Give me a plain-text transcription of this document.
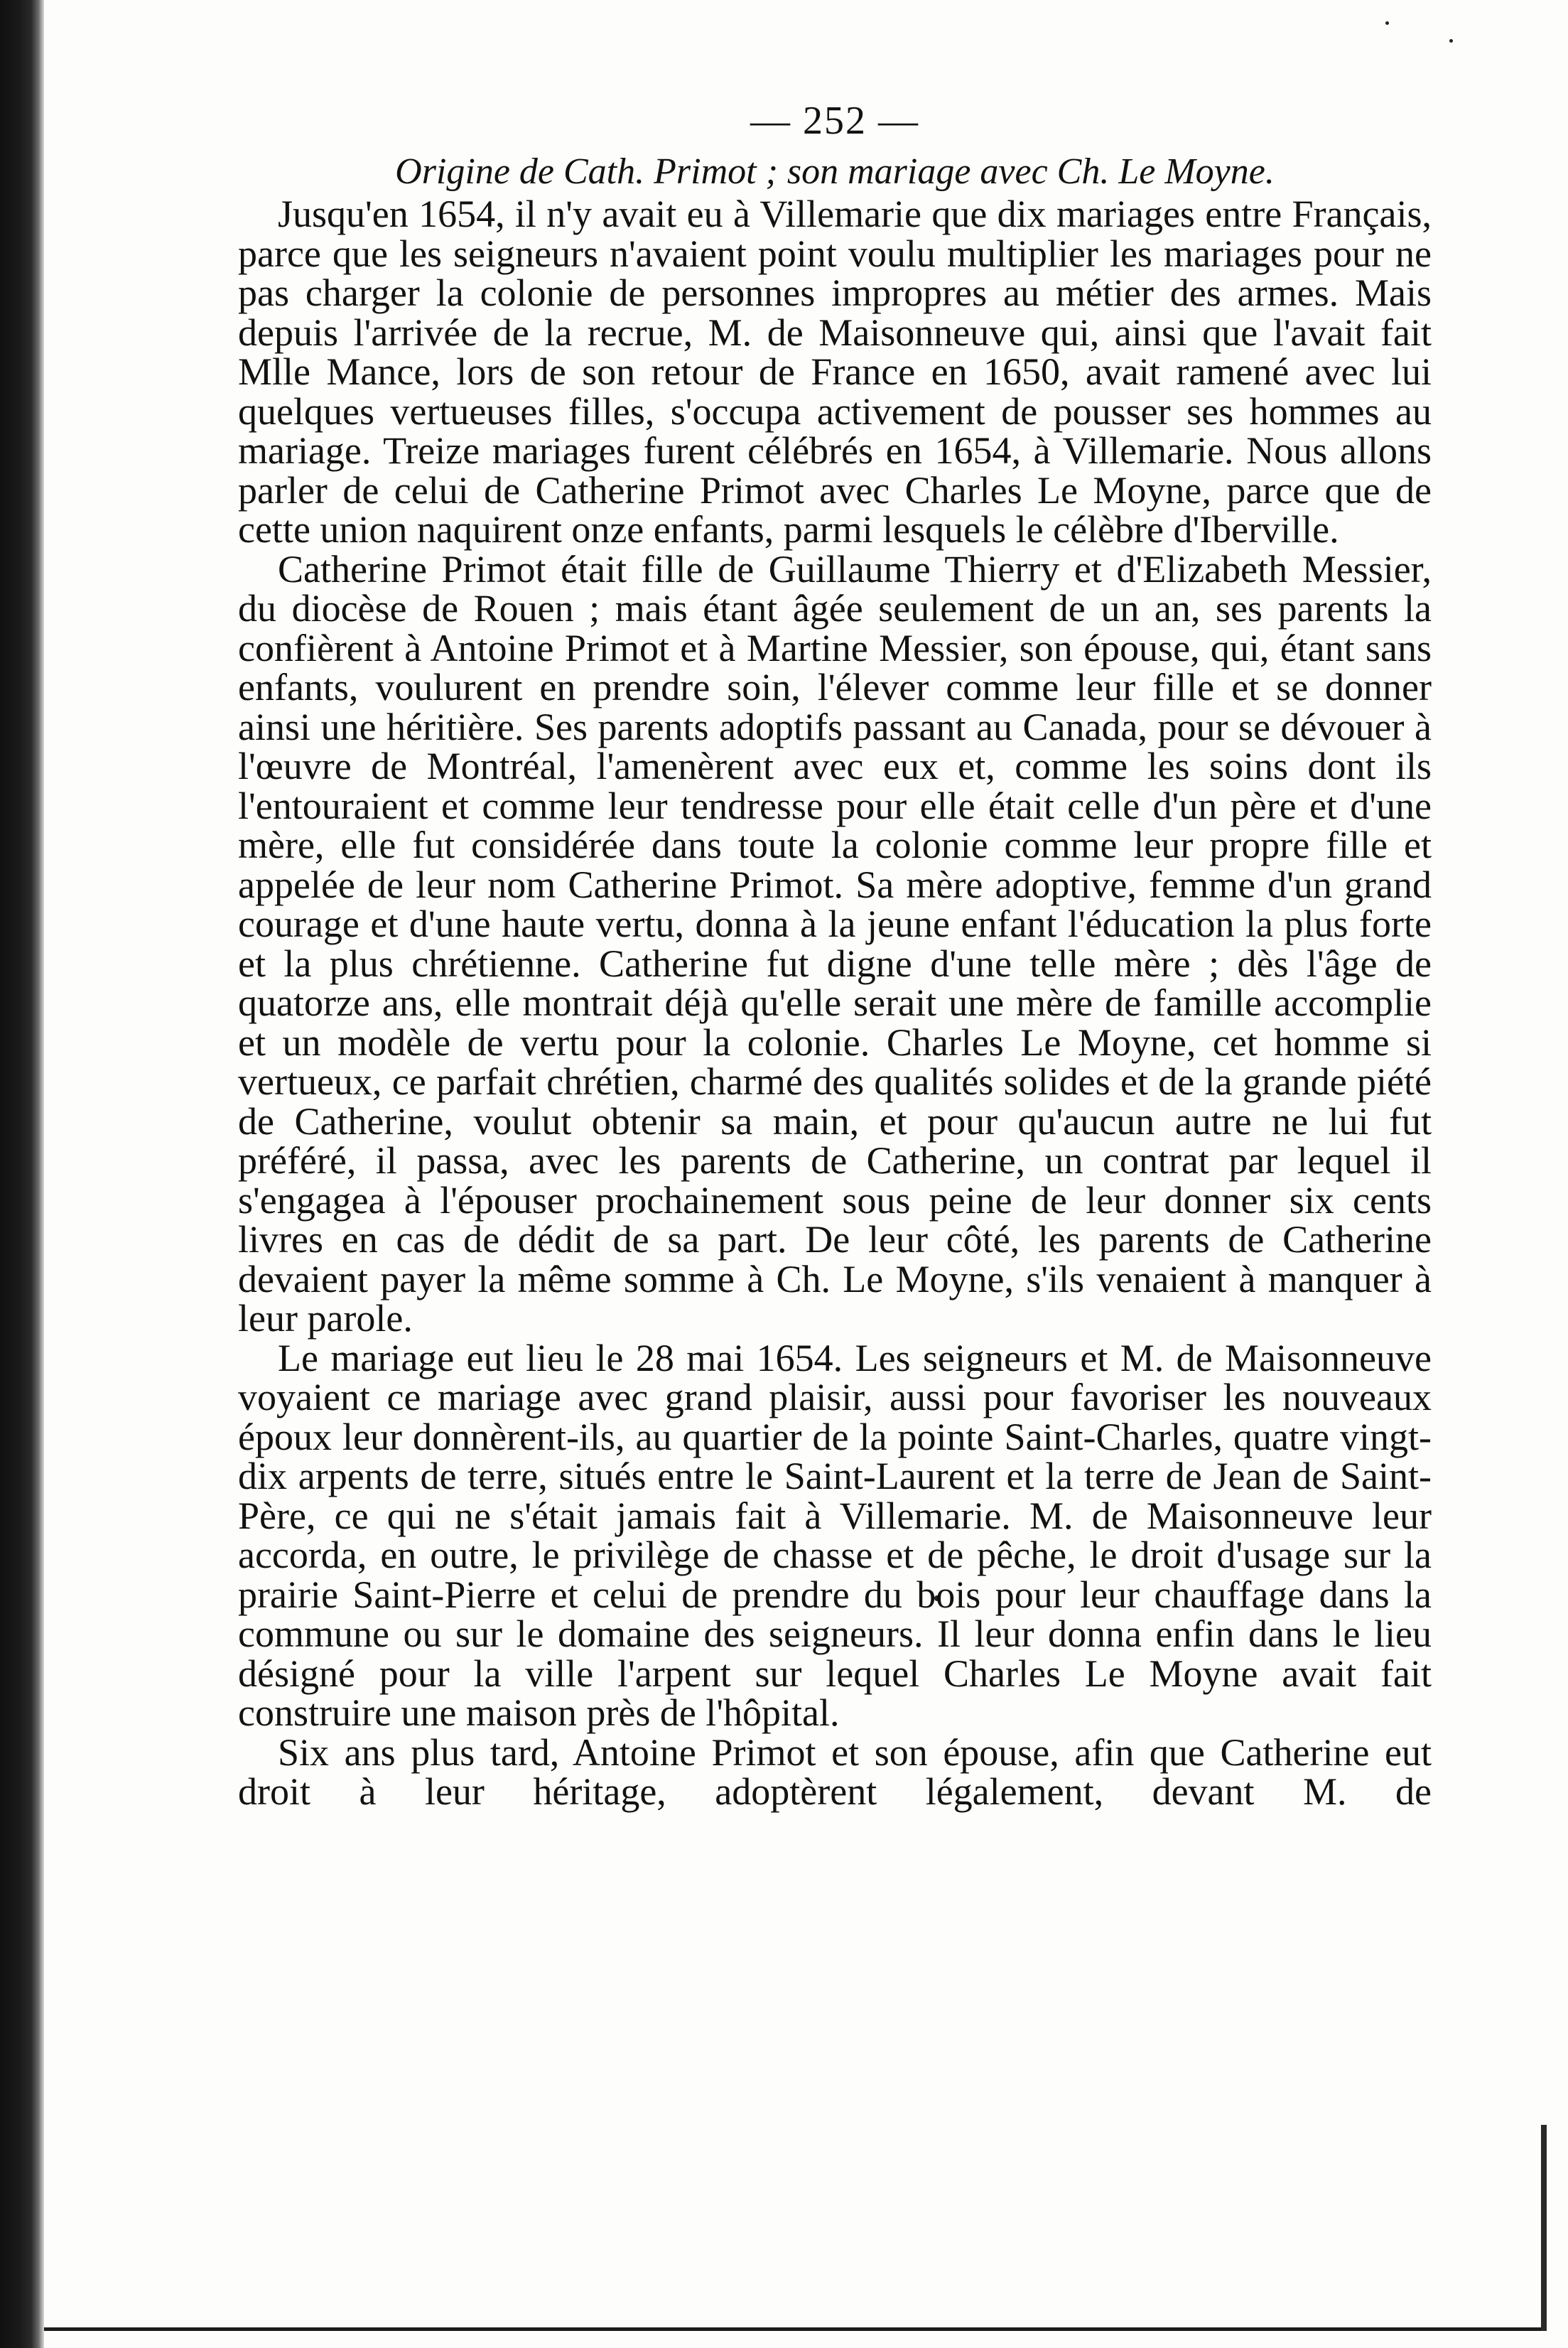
— 252 —

Origine de Cath. Primot ; son mariage avec Ch. Le Moyne.

Jusqu'en 1654, il n'y avait eu à Villemarie que dix mariages entre Français, parce que les seigneurs n'avaient point voulu multiplier les mariages pour ne pas charger la colonie de personnes impropres au métier des armes. Mais depuis l'arrivée de la recrue, M. de Maisonneuve qui, ainsi que l'avait fait Mlle Mance, lors de son retour de France en 1650, avait ramené avec lui quelques vertueuses filles, s'occupa activement de pousser ses hommes au mariage. Treize mariages furent célébrés en 1654, à Villemarie. Nous allons parler de celui de Catherine Primot avec Charles Le Moyne, parce que de cette union naquirent onze enfants, parmi lesquels le célèbre d'Iberville.

Catherine Primot était fille de Guillaume Thierry et d'Elizabeth Messier, du diocèse de Rouen ; mais étant âgée seulement de un an, ses parents la confièrent à Antoine Primot et à Martine Messier, son épouse, qui, étant sans enfants, voulurent en prendre soin, l'élever comme leur fille et se donner ainsi une héritière. Ses parents adoptifs passant au Canada, pour se dévouer à l'œuvre de Montréal, l'amenèrent avec eux et, comme les soins dont ils l'entouraient et comme leur tendresse pour elle était celle d'un père et d'une mère, elle fut considérée dans toute la colonie comme leur propre fille et appelée de leur nom Catherine Primot. Sa mère adoptive, femme d'un grand courage et d'une haute vertu, donna à la jeune enfant l'éducation la plus forte et la plus chrétienne. Catherine fut digne d'une telle mère ; dès l'âge de quatorze ans, elle montrait déjà qu'elle serait une mère de famille accomplie et un modèle de vertu pour la colonie. Charles Le Moyne, cet homme si vertueux, ce parfait chrétien, charmé des qualités solides et de la grande piété de Catherine, voulut obtenir sa main, et pour qu'aucun autre ne lui fut préféré, il passa, avec les parents de Catherine, un contrat par lequel il s'engagea à l'épouser prochainement sous peine de leur donner six cents livres en cas de dédit de sa part. De leur côté, les parents de Catherine devaient payer la même somme à Ch. Le Moyne, s'ils venaient à manquer à leur parole.

Le mariage eut lieu le 28 mai 1654. Les seigneurs et M. de Maisonneuve voyaient ce mariage avec grand plaisir, aussi pour favoriser les nouveaux époux leur donnèrent-ils, au quartier de la pointe Saint-Charles, quatre vingt-dix arpents de terre, situés entre le Saint-Laurent et la terre de Jean de Saint-Père, ce qui ne s'était jamais fait à Villemarie. M. de Maisonneuve leur accorda, en outre, le privilège de chasse et de pêche, le droit d'usage sur la prairie Saint-Pierre et celui de prendre du bois pour leur chauffage dans la commune ou sur le domaine des seigneurs. Il leur donna enfin dans le lieu désigné pour la ville l'arpent sur lequel Charles Le Moyne avait fait construire une maison près de l'hôpital.

Six ans plus tard, Antoine Primot et son épouse, afin que Catherine eut droit à leur héritage, adoptèrent légalement, devant M. de
